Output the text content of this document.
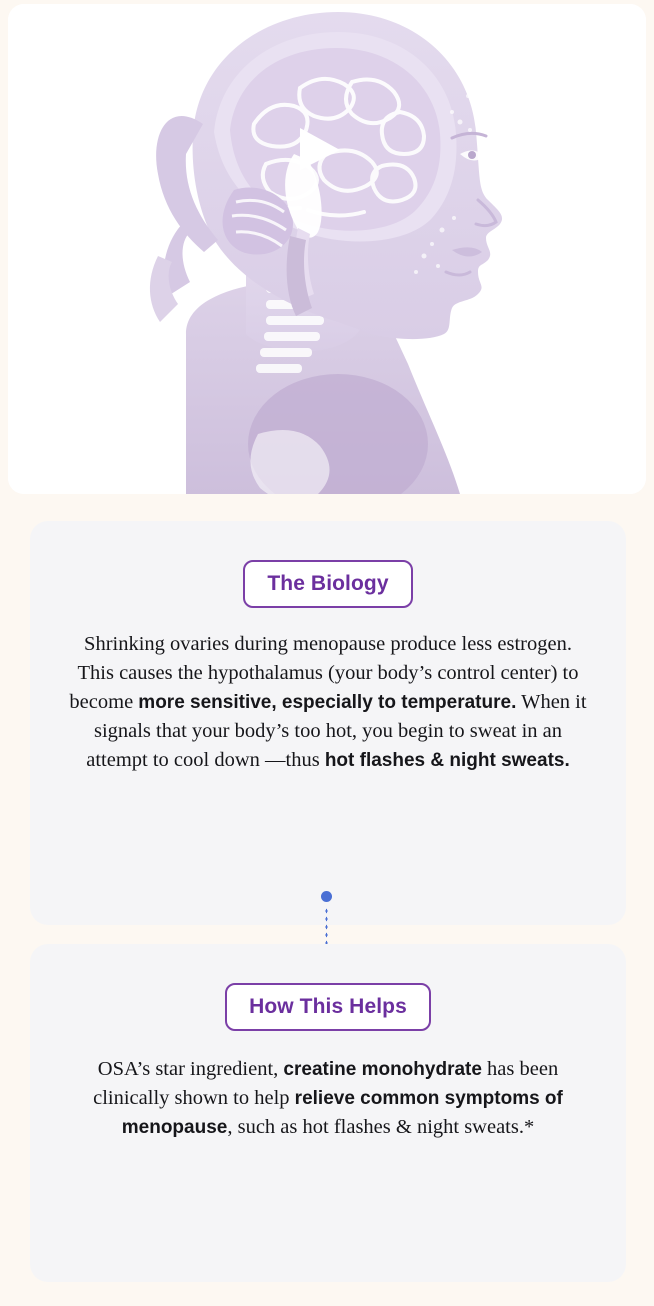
The Biology
Shrinking ovaries during menopause produce less estrogen. This causes the hypothalamus (your body’s control center) to become more sensitive, especially to temperature. When it signals that your body’s too hot, you begin to sweat in an attempt to cool down —thus hot flashes & night sweats.
How This Helps
OSA’s star ingredient, creatine monohydrate has been clinically shown to help relieve common symptoms of menopause, such as hot flashes & night sweats.*
